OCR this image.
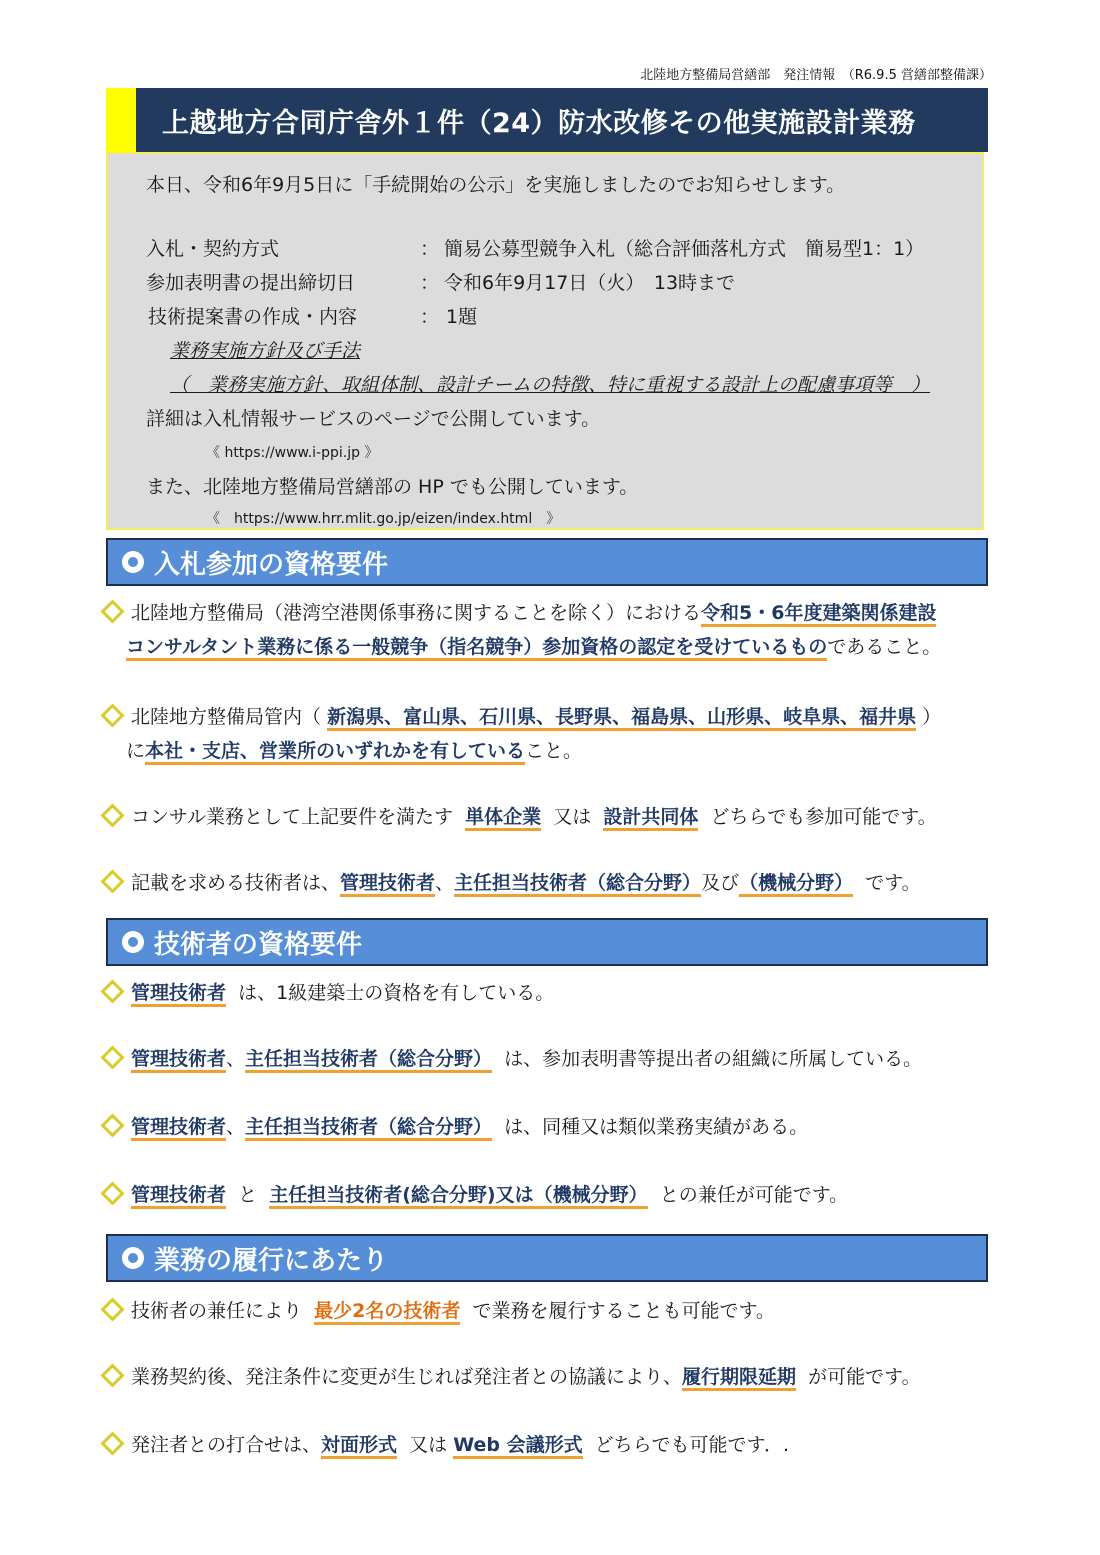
北陸地方整備局営繕部　発注情報　（R6.9.5 営繕部整備課）
上越地方合同庁舎外１件（24）防水改修その他実施設計業務
本日、令和6年9月5日に「手続開始の公示」を実施しましたのでお知らせします。
入札・契約方式	： 簡易公募型競争入札（総合評価落札方式　簡易型1：1）
参加表明書の提出締切日	： 令和6年9月17日（火）　13時まで
技術提案書の作成・内容	： 1題
業務実施方針及び手法
（　業務実施方針、取組体制、設計チームの特徴、特に重視する設計上の配慮事項等　）
詳細は入札情報サービスのページで公開しています。
《 https://www.i-ppi.jp 》
また、北陸地方整備局営繕部の HP でも公開しています。
《　https://www.hrr.mlit.go.jp/eizen/index.html　》
入札参加の資格要件
北陸地方整備局（港湾空港関係事務に関することを除く）における令和5・6年度建築関係建設
コンサルタント業務に係る一般競争（指名競争）参加資格の認定を受けているものであること。
北陸地方整備局管内（ 新潟県、富山県、石川県、長野県、福島県、山形県、岐阜県、福井県 ）
に本社・支店、営業所のいずれかを有していること。
コンサル業務として上記要件を満たす 単体企業 又は 設計共同体 どちらでも参加可能です。
記載を求める技術者は、管理技術者、主任担当技術者（総合分野）及び（機械分野） です。
技術者の資格要件
管理技術者 は、1級建築士の資格を有している。
管理技術者、主任担当技術者（総合分野） は、参加表明書等提出者の組織に所属している。
管理技術者、主任担当技術者（総合分野） は、同種又は類似業務実績がある。
管理技術者 と 主任担当技術者(総合分野)又は（機械分野） との兼任が可能です。
業務の履行にあたり
技術者の兼任により 最少2名の技術者 で業務を履行することも可能です。
業務契約後、発注条件に変更が生じれば発注者との協議により、履行期限延期 が可能です。
発注者との打合せは、対面形式 又は Web 会議形式 どちらでも可能です．.
